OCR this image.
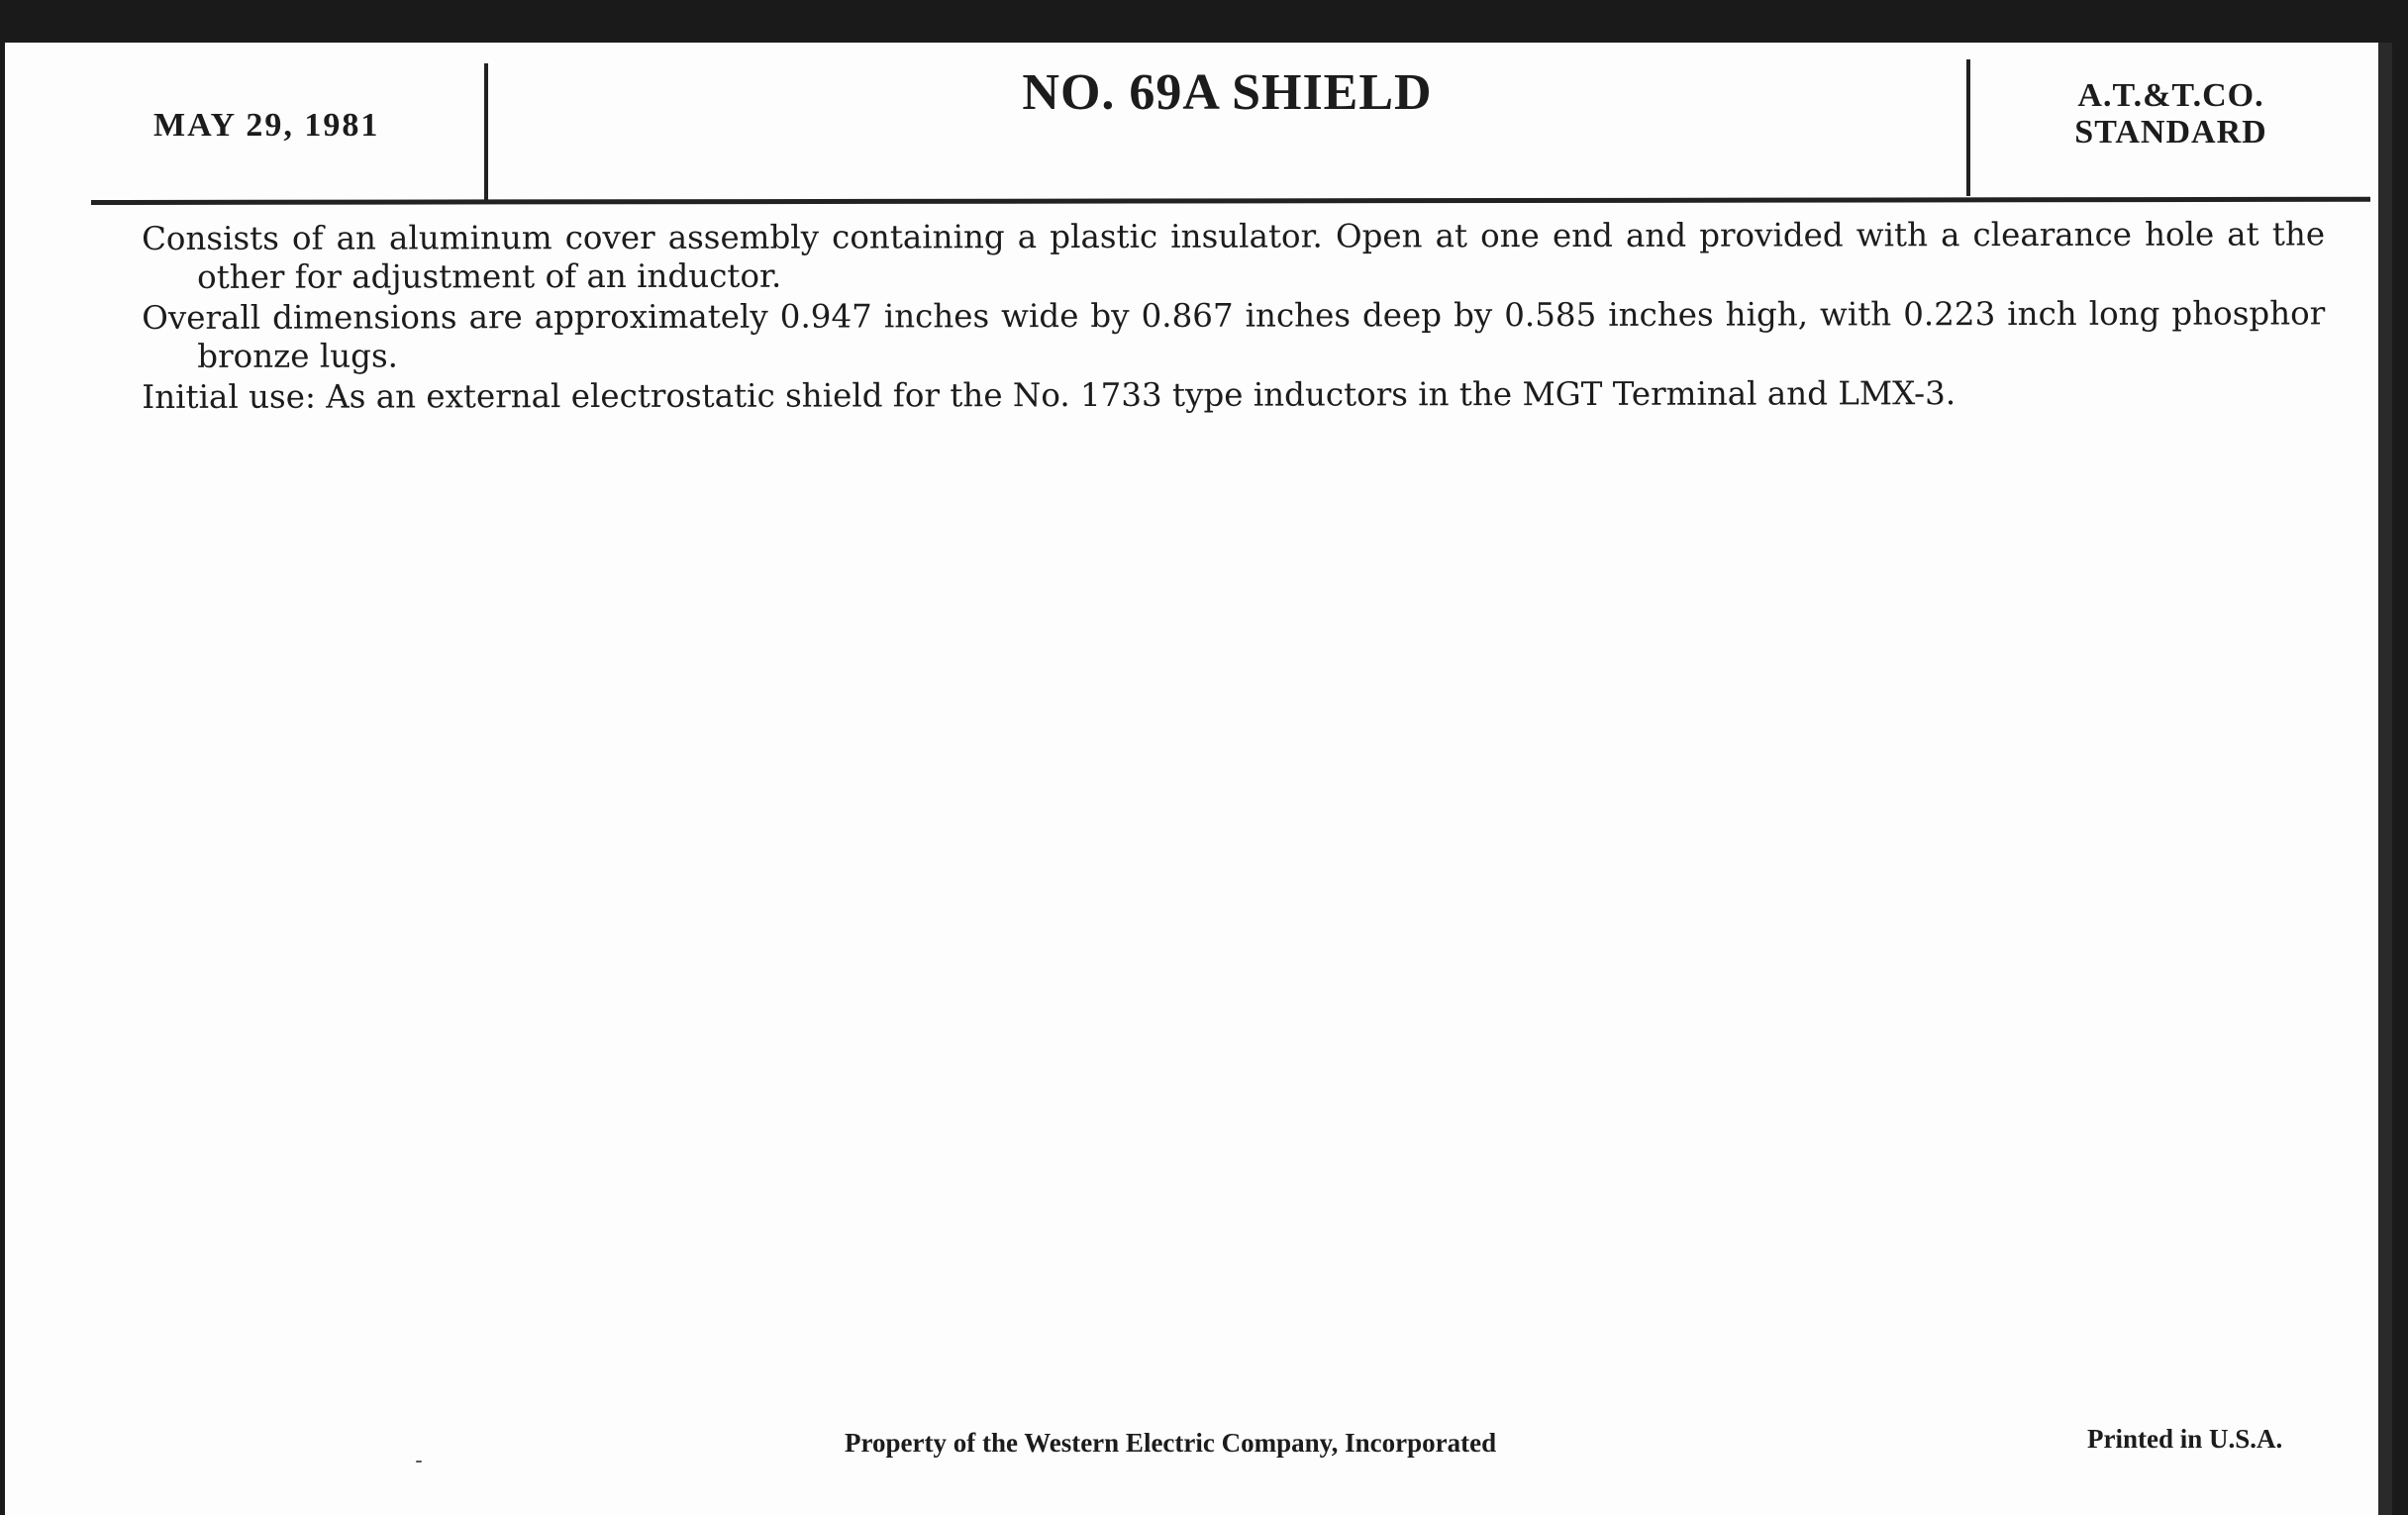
MAY 29, 1981
NO. 69A SHIELD	A.T.&T.CO.
STANDARD
Consists of an aluminum cover assembly containing a plastic insulator. Open at one end and provided with a clearance hole at the other for adjustment of an inductor.
Overall dimensions are approximately 0.947 inches wide by 0.867 inches deep by 0.585 inches high, with 0.223 inch long phosphor bronze lugs.
Initial use: As an external electrostatic shield for the No. 1733 type inductors in the MGT Terminal and LMX-3.
Property of the Western Electric Company, Incorporated	Printed in U.S.A.
